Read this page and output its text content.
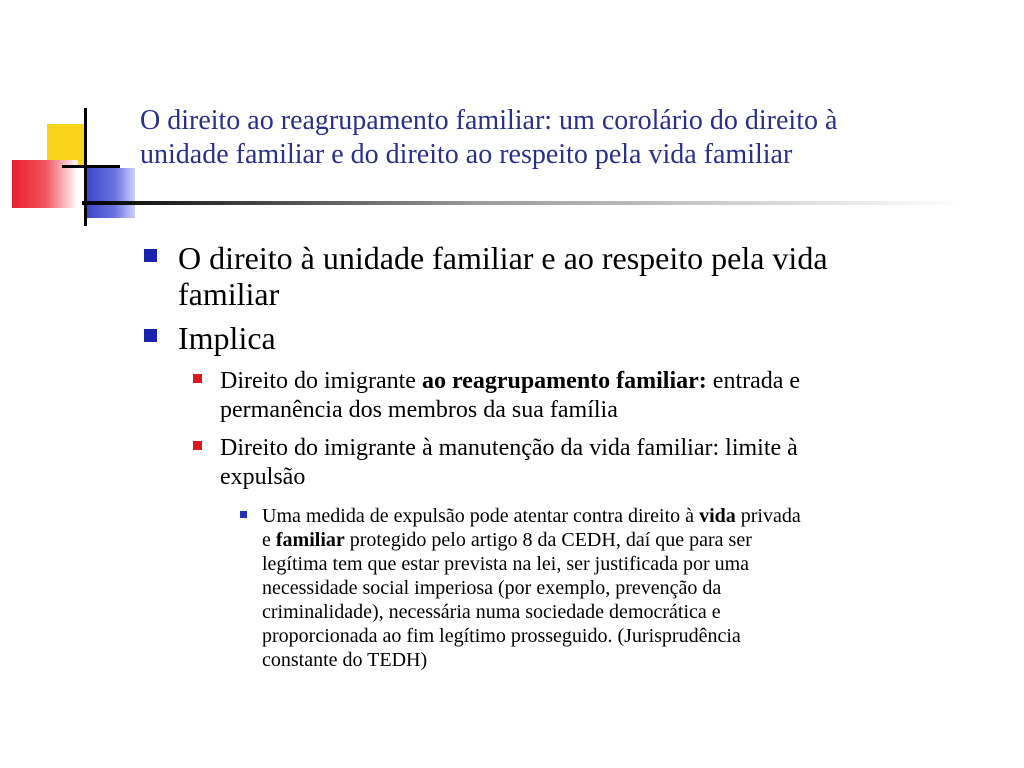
O direito ao reagrupamento familiar: um corolário do direito à
unidade familiar e do direito ao respeito pela vida familiar
O direito à unidade familiar e ao respeito pela vida
familiar
Implica
Direito do imigrante ao reagrupamento familiar: entrada e
permanência dos membros da sua família
Direito do imigrante à manutenção da vida familiar: limite à
expulsão
Uma medida de expulsão pode atentar contra direito à vida privada
e familiar protegido pelo artigo 8 da CEDH, daí que para ser
legítima tem que estar prevista na lei, ser justificada por uma
necessidade social imperiosa (por exemplo, prevenção da
criminalidade), necessária numa sociedade democrática e
proporcionada ao fim legítimo prosseguido. (Jurisprudência
constante do TEDH)
